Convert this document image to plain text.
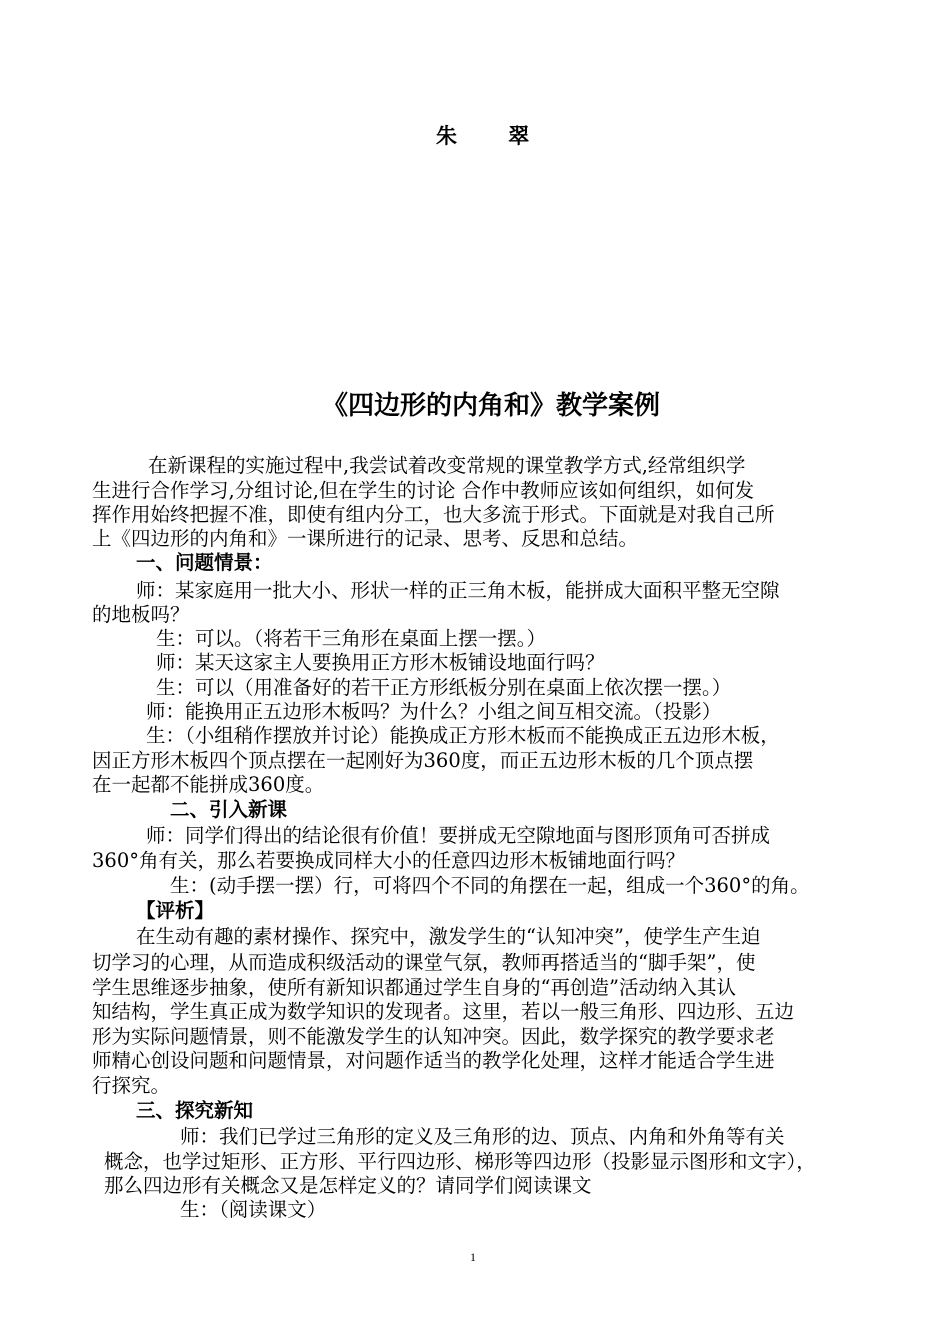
朱 翠
《四边形的内角和》教学案例
在新课程的实施过程中,我尝试着改变常规的课堂教学方式,经常组织学
生进行合作学习,分组讨论,但在学生的讨论 合作中教师应该如何组织，如何发
挥作用始终把握不准，即使有组内分工，也大多流于形式。下面就是对我自己所
上《四边形的内角和》一课所进行的记录、思考、反思和总结。
一、问题情景：
师：某家庭用一批大小、形状一样的正三角木板，能拼成大面积平整无空隙
的地板吗？
生：可以。（将若干三角形在桌面上摆一摆。）
师：某天这家主人要换用正方形木板铺设地面行吗？
生：可以（用准备好的若干正方形纸板分别在桌面上依次摆一摆。）
师：能换用正五边形木板吗？为什么？小组之间互相交流。（投影）
生：（小组稍作摆放并讨论）能换成正方形木板而不能换成正五边形木板，
因正方形木板四个顶点摆在一起刚好为360度，而正五边形木板的几个顶点摆
在一起都不能拼成360度。
二、引入新课
师：同学们得出的结论很有价值！要拼成无空隙地面与图形顶角可否拼成
360°角有关，那么若要换成同样大小的任意四边形木板铺地面行吗？
生：(动手摆一摆）行，可将四个不同的角摆在一起，组成一个360°的角。
【评析】
在生动有趣的素材操作、探究中，激发学生的“认知冲突”，使学生产生迫
切学习的心理，从而造成积级活动的课堂气氛，教师再搭适当的“脚手架”，使
学生思维逐步抽象，使所有新知识都通过学生自身的“再创造”活动纳入其认
知结构，学生真正成为数学知识的发现者。这里，若以一般三角形、四边形、五边
形为实际问题情景，则不能激发学生的认知冲突。因此，数学探究的教学要求老
师精心创设问题和问题情景，对问题作适当的教学化处理，这样才能适合学生进
行探究。
三、探究新知
师：我们已学过三角形的定义及三角形的边、顶点、内角和外角等有关
概念，也学过矩形、正方形、平行四边形、梯形等四边形（投影显示图形和文字），
那么四边形有关概念又是怎样定义的？请同学们阅读课文
生：（阅读课文）
1
